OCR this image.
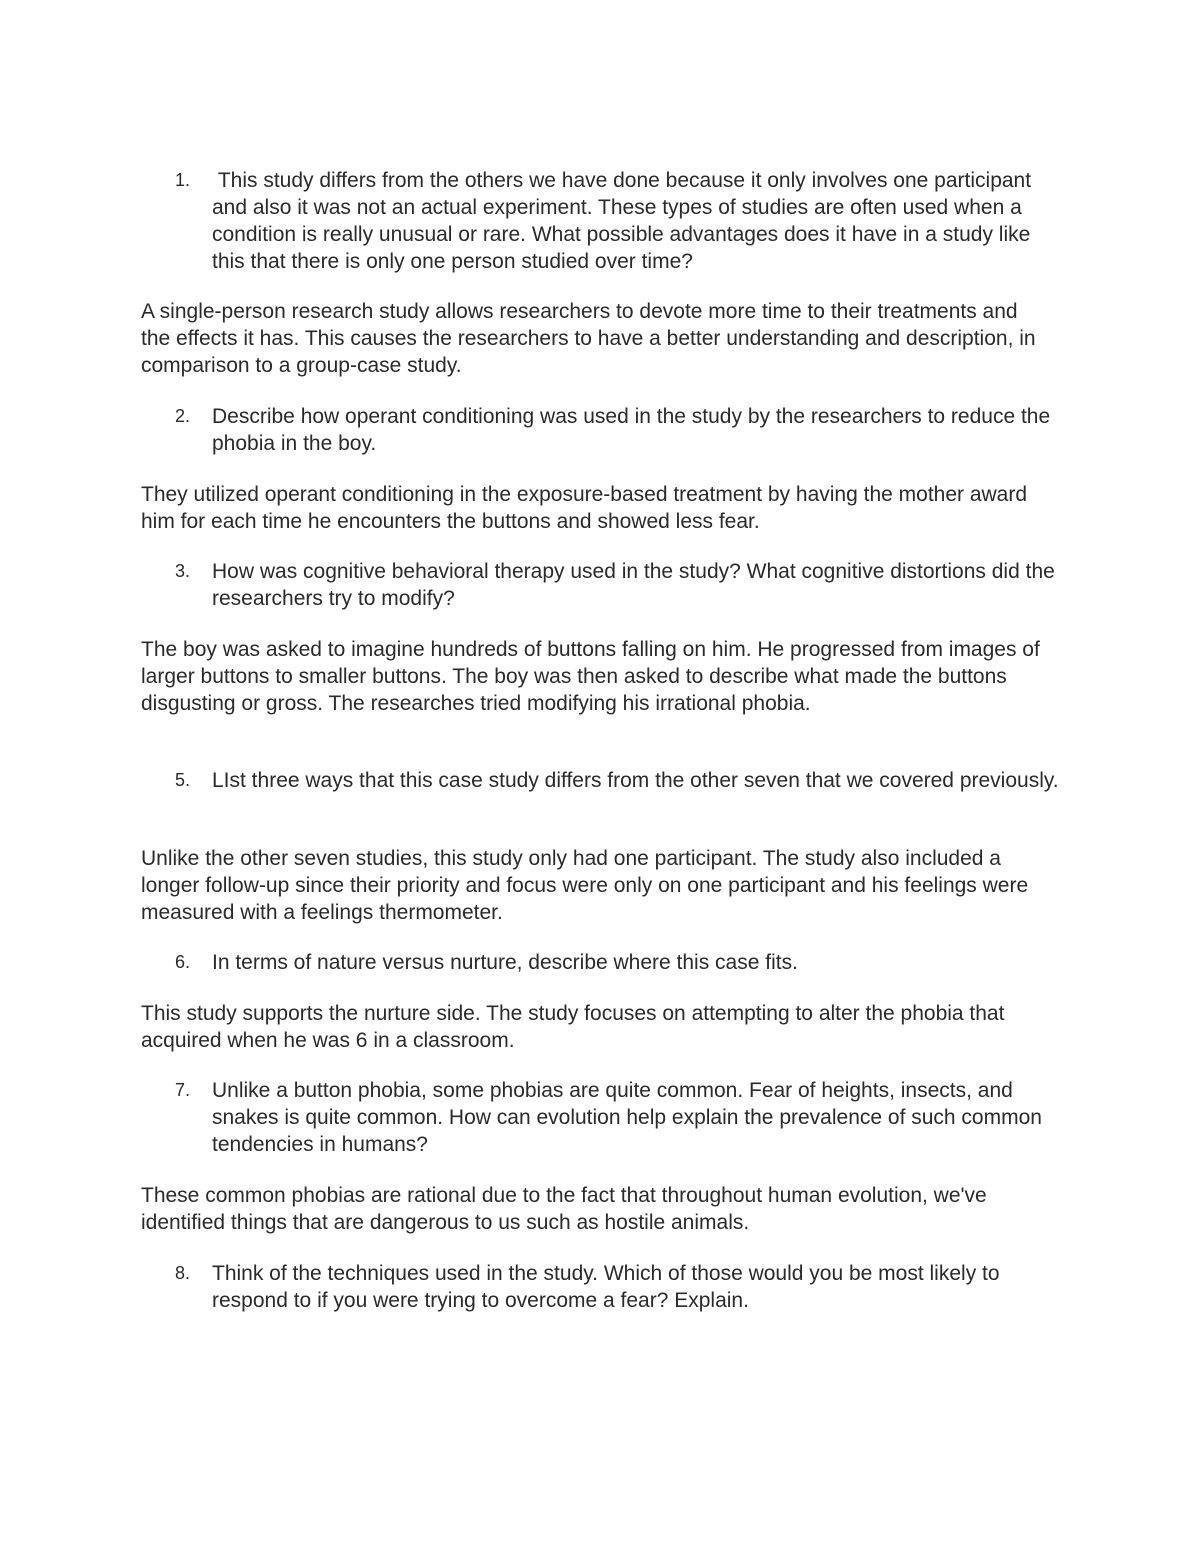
1. This study differs from the others we have done because it only involves one participant and also it was not an actual experiment. These types of studies are often used when a condition is really unusual or rare. What possible advantages does it have in a study like this that there is only one person studied over time?

A single-person research study allows researchers to devote more time to their treatments and the effects it has. This causes the researchers to have a better understanding and description, in comparison to a group-case study.

2. Describe how operant conditioning was used in the study by the researchers to reduce the phobia in the boy.

They utilized operant conditioning in the exposure-based treatment by having the mother award him for each time he encounters the buttons and showed less fear.

3. How was cognitive behavioral therapy used in the study? What cognitive distortions did the researchers try to modify?

The boy was asked to imagine hundreds of buttons falling on him. He progressed from images of larger buttons to smaller buttons. The boy was then asked to describe what made the buttons disgusting or gross. The researches tried modifying his irrational phobia.

5. LIst three ways that this case study differs from the other seven that we covered previously.

Unlike the other seven studies, this study only had one participant. The study also included a longer follow-up since their priority and focus were only on one participant and his feelings were measured with a feelings thermometer.

6. In terms of nature versus nurture, describe where this case fits.

This study supports the nurture side. The study focuses on attempting to alter the phobia that acquired when he was 6 in a classroom.

7. Unlike a button phobia, some phobias are quite common. Fear of heights, insects, and snakes is quite common. How can evolution help explain the prevalence of such common tendencies in humans?

These common phobias are rational due to the fact that throughout human evolution, we've identified things that are dangerous to us such as hostile animals.

8. Think of the techniques used in the study. Which of those would you be most likely to respond to if you were trying to overcome a fear? Explain.
